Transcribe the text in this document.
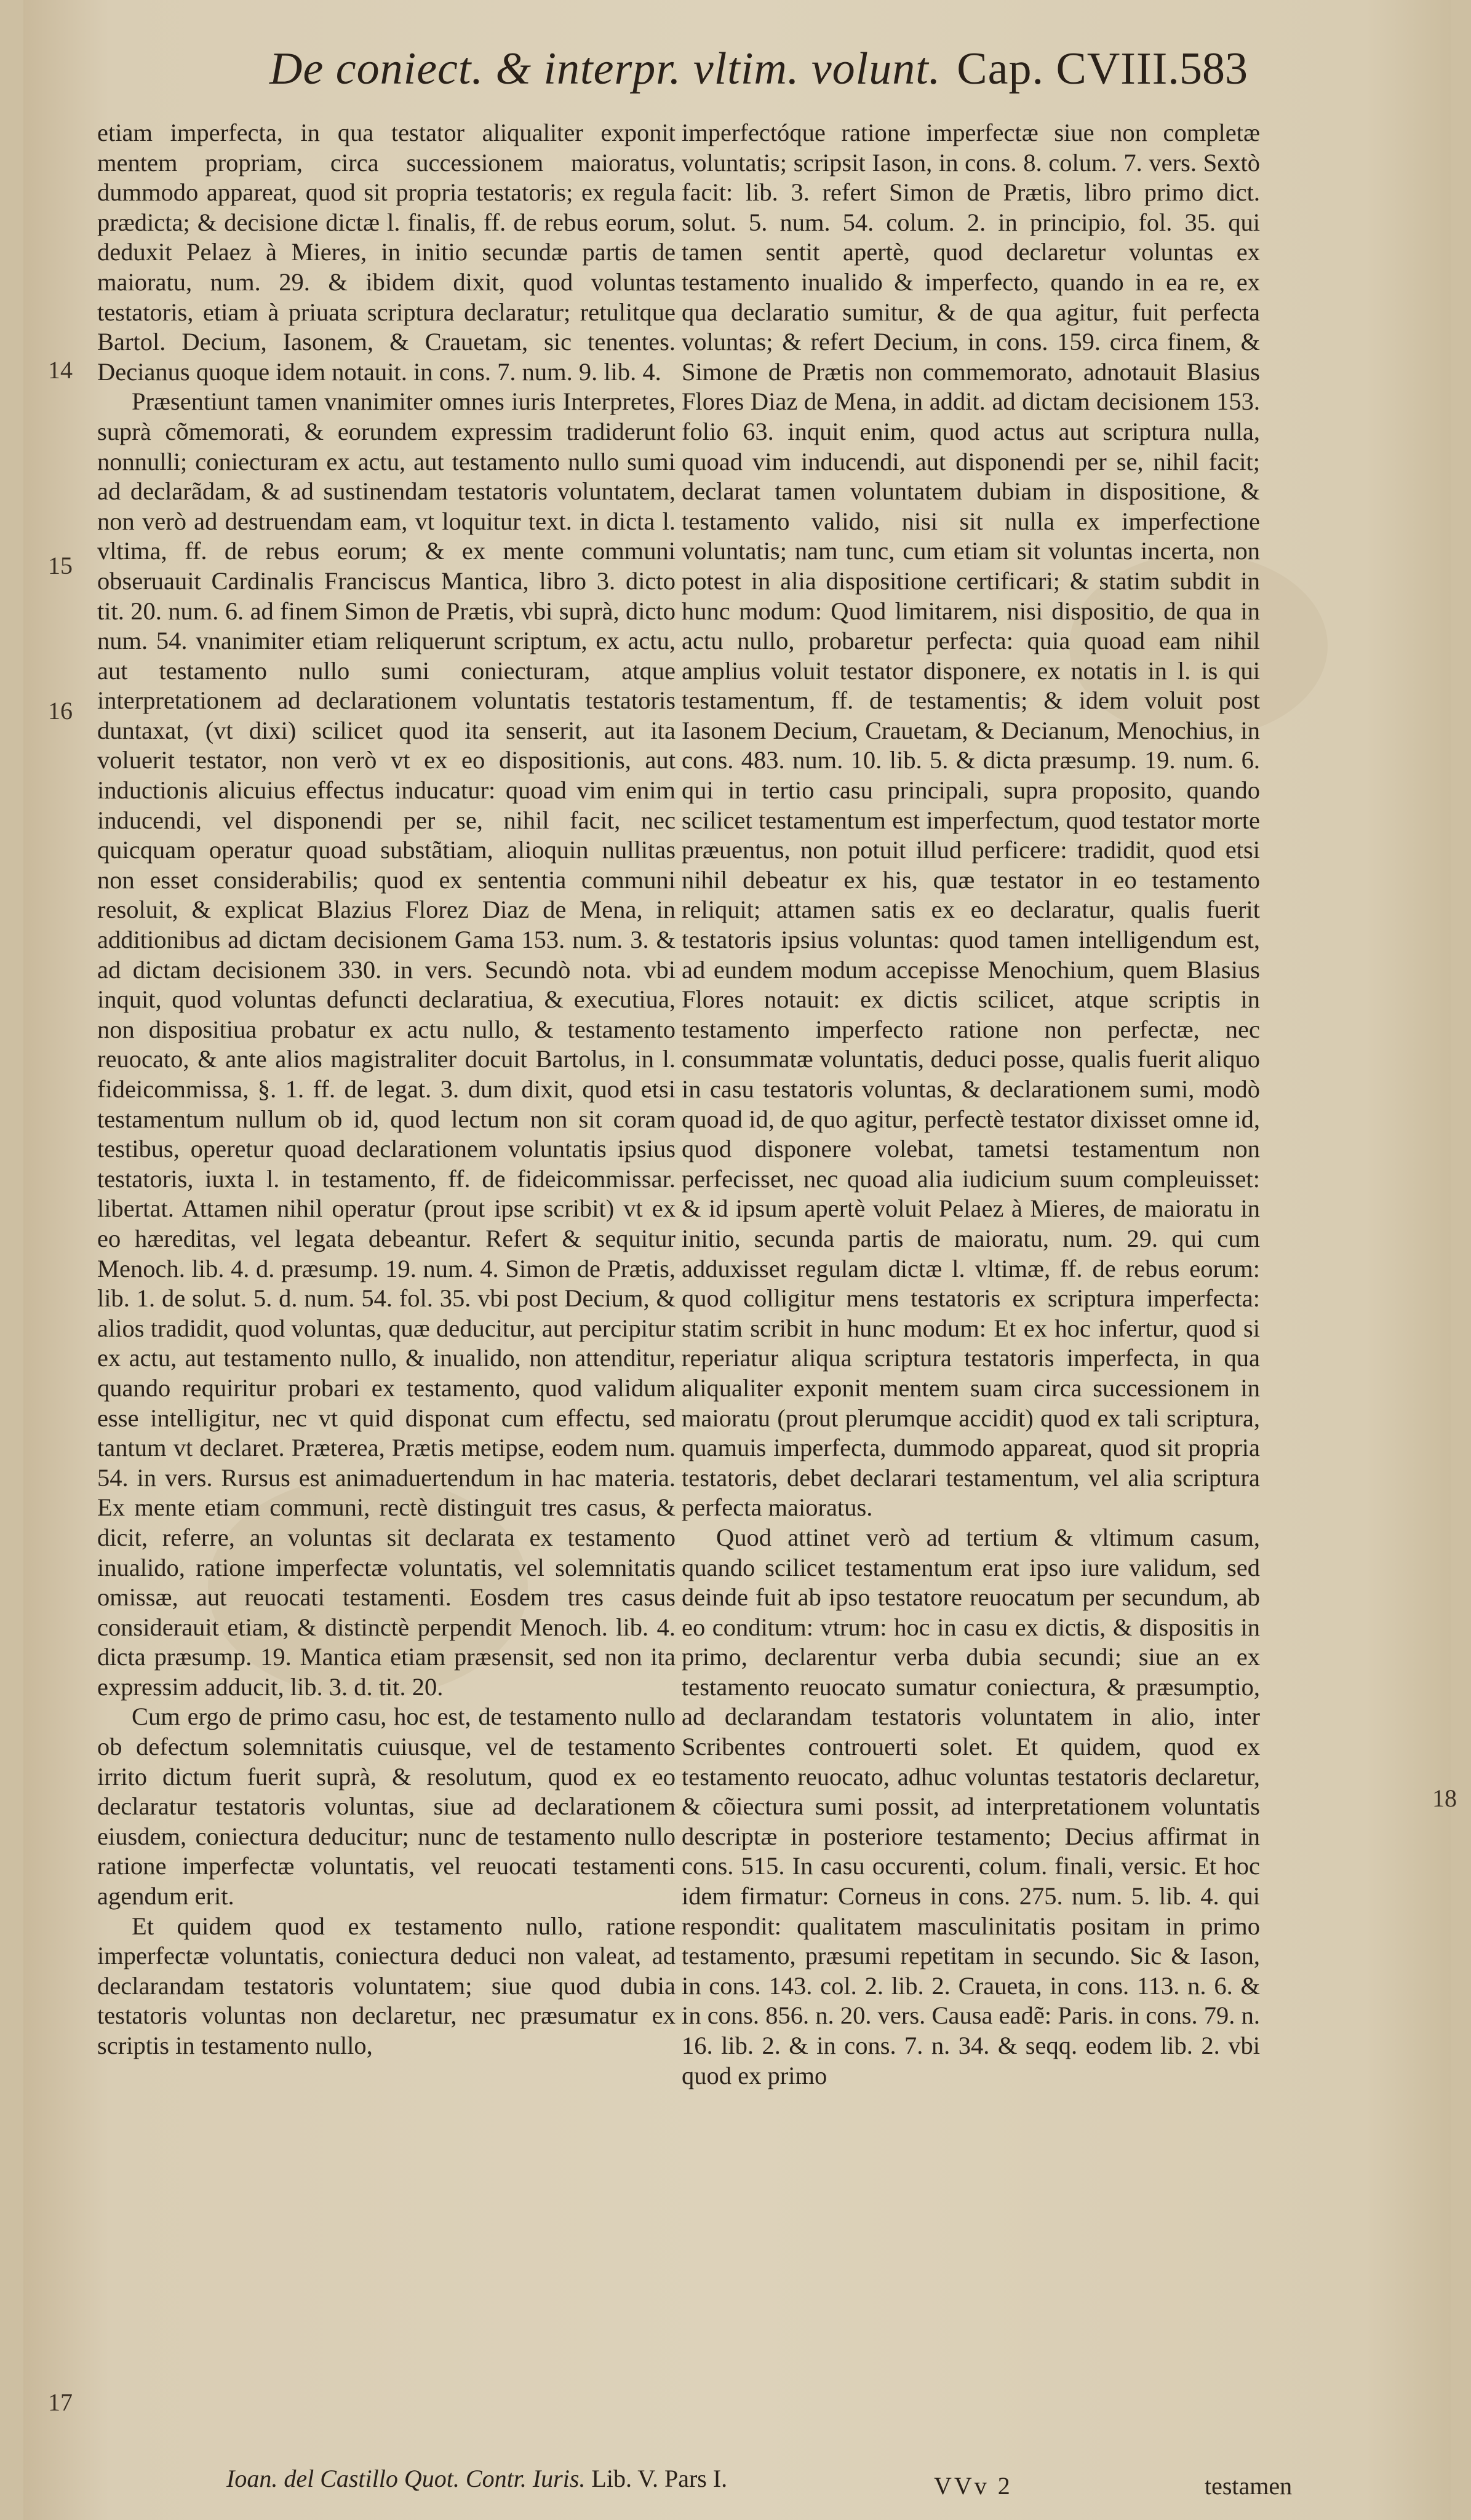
De coniect. & interpr. vltim. volunt. Cap. CVIII. 583

etiam imperfecta, in qua testator aliqualiter exponit mentem propriam, circa successionem maioratus, dummodo appareat, quod sit propria testatoris; ex regula prædicta; & decisione dictæ l. finalis, ff. de rebus eorum, deduxit Pelaez à Mieres, in initio secundæ partis de maioratu, num. 29. & ibidem dixit, quod voluntas testatoris, etiam à priuata scriptura declaratur; retulitque Bartol. Decium, Iasonem, & Crauetam, sic tenentes. Decianus quoque idem notauit. in cons. 7. num. 9. lib. 4.

Præsentiunt tamen vnanimiter omnes iuris Interpretes, suprà cõmemorati, & eorundem expressim tradiderunt nonnulli; coniecturam ex actu, aut testamento nullo sumi ad declarãdam, & ad sustinendam testatoris voluntatem, non verò ad destruendam eam, vt loquitur text. in dicta l. vltima, ff. de rebus eorum; & ex mente communi obseruauit Cardinalis Franciscus Mantica, libro 3. dicto tit. 20. num. 6. ad finem Simon de Prætis, vbi suprà, dicto num. 54. vnanimiter etiam reliquerunt scriptum, ex actu, aut testamento nullo sumi coniecturam, atque interpretationem ad declarationem voluntatis testatoris duntaxat, (vt dixi) scilicet quod ita senserit, aut ita voluerit testator, non verò vt ex eo dispositionis, aut inductionis alicuius effectus inducatur: quoad vim enim inducendi, vel disponendi per se, nihil facit, nec quicquam operatur quoad substãtiam, alioquin nullitas non esset considerabilis; quod ex sententia communi resoluit, & explicat Blazius Florez Diaz de Mena, in additionibus ad dictam decisionem Gama 153. num. 3. & ad dictam decisionem 330. in vers. Secundò nota. vbi inquit, quod voluntas defuncti declaratiua, & executiua, non dispositiua probatur ex actu nullo, & testamento reuocato, & ante alios magistraliter docuit Bartolus, in l. fideicommissa, §. 1. ff. de legat. 3. dum dixit, quod etsi testamentum nullum ob id, quod lectum non sit coram testibus, operetur quoad declarationem voluntatis ipsius testatoris, iuxta l. in testamento, ff. de fideicommissar. libertat. Attamen nihil operatur (prout ipse scribit) vt ex eo hæreditas, vel legata debeantur. Refert & sequitur Menoch. lib. 4. d. præsump. 19. num. 4. Simon de Prætis, lib. 1. de solut. 5. d. num. 54. fol. 35. vbi post Decium, & alios tradidit, quod voluntas, quæ deducitur, aut percipitur ex actu, aut testamento nullo, & inualido, non attenditur, quando requiritur probari ex testamento, quod validum esse intelligitur, nec vt quid disponat cum effectu, sed tantum vt declaret. Præterea, Prætis metipse, eodem num. 54. in vers. Rursus est animaduertendum in hac materia. Ex mente etiam communi, rectè distinguit tres casus, & dicit, referre, an voluntas sit declarata ex testamento inualido, ratione imperfectæ voluntatis, vel solemnitatis omissæ, aut reuocati testamenti. Eosdem tres casus considerauit etiam, & distinctè perpendit Menoch. lib. 4. dicta præsump. 19. Mantica etiam præsensit, sed non ita expressim adducit, lib. 3. d. tit. 20.

Cum ergo de primo casu, hoc est, de testamento nullo ob defectum solemnitatis cuiusque, vel de testamento irrito dictum fuerit suprà, & resolutum, quod ex eo declaratur testatoris voluntas, siue ad declarationem eiusdem, coniectura deducitur; nunc de testamento nullo ratione imperfectæ voluntatis, vel reuocati testamenti agendum erit.

Et quidem quod ex testamento nullo, ratione imperfectæ voluntatis, coniectura deduci non valeat, ad declarandam testatoris voluntatem; siue quod dubia testatoris voluntas non declaretur, nec præsumatur ex scriptis in testamento nullo,

imperfectóque ratione imperfectæ siue non completæ voluntatis; scripsit Iason, in cons. 8. colum. 7. vers. Sextò facit: lib. 3. refert Simon de Prætis, libro primo dict. solut. 5. num. 54. colum. 2. in principio, fol. 35. qui tamen sentit apertè, quod declaretur voluntas ex testamento inualido & imperfecto, quando in ea re, ex qua declaratio sumitur, & de qua agitur, fuit perfecta voluntas; & refert Decium, in cons. 159. circa finem, & Simone de Prætis non commemorato, adnotauit Blasius Flores Diaz de Mena, in addit. ad dictam decisionem 153. folio 63. inquit enim, quod actus aut scriptura nulla, quoad vim inducendi, aut disponendi per se, nihil facit; declarat tamen voluntatem dubiam in dispositione, & testamento valido, nisi sit nulla ex imperfectione voluntatis; nam tunc, cum etiam sit voluntas incerta, non potest in alia dispositione certificari; & statim subdit in hunc modum: Quod limitarem, nisi dispositio, de qua in actu nullo, probaretur perfecta: quia quoad eam nihil amplius voluit testator disponere, ex notatis in l. is qui testamentum, ff. de testamentis; & idem voluit post Iasonem Decium, Crauetam, & Decianum, Menochius, in cons. 483. num. 10. lib. 5. & dicta præsump. 19. num. 6. qui in tertio casu principali, supra proposito, quando scilicet testamentum est imperfectum, quod testator morte præuentus, non potuit illud perficere: tradidit, quod etsi nihil debeatur ex his, quæ testator in eo testamento reliquit; attamen satis ex eo declaratur, qualis fuerit testatoris ipsius voluntas: quod tamen intelligendum est, ad eundem modum accepisse Menochium, quem Blasius Flores notauit: ex dictis scilicet, atque scriptis in testamento imperfecto ratione non perfectæ, nec consummatæ voluntatis, deduci posse, qualis fuerit aliquo in casu testatoris voluntas, & declarationem sumi, modò quoad id, de quo agitur, perfectè testator dixisset omne id, quod disponere volebat, tametsi testamentum non perfecisset, nec quoad alia iudicium suum compleuisset: & id ipsum apertè voluit Pelaez à Mieres, de maioratu in initio, secunda partis de maioratu, num. 29. qui cum adduxisset regulam dictæ l. vltimæ, ff. de rebus eorum: quod colligitur mens testatoris ex scriptura imperfecta: statim scribit in hunc modum: Et ex hoc infertur, quod si reperiatur aliqua scriptura testatoris imperfecta, in qua aliqualiter exponit mentem suam circa successionem in maioratu (prout plerumque accidit) quod ex tali scriptura, quamuis imperfecta, dummodo appareat, quod sit propria testatoris, debet declarari testamentum, vel alia scriptura perfecta maioratus.

Quod attinet verò ad tertium & vltimum casum, quando scilicet testamentum erat ipso iure validum, sed deinde fuit ab ipso testatore reuocatum per secundum, ab eo conditum: vtrum: hoc in casu ex dictis, & dispositis in primo, declarentur verba dubia secundi; siue an ex testamento reuocato sumatur coniectura, & præsumptio, ad declarandam testatoris voluntatem in alio, inter Scribentes controuerti solet. Et quidem, quod ex testamento reuocato, adhuc voluntas testatoris declaretur, & cõiectura sumi possit, ad interpretationem voluntatis descriptæ in posteriore testamento; Decius affirmat in cons. 515. In casu occurenti, colum. finali, versic. Et hoc idem firmatur: Corneus in cons. 275. num. 5. lib. 4. qui respondit: qualitatem masculinitatis positam in primo testamento, præsumi repetitam in secundo. Sic & Iason, in cons. 143. col. 2. lib. 2. Craueta, in cons. 113. n. 6. & in cons. 856. n. 20. vers. Causa eadẽ: Paris. in cons. 79. n. 16. lib. 2. & in cons. 7. n. 34. & seqq. eodem lib. 2. vbi quod ex primo

14
15
16
17
18
Ioan. del Castillo Quot. Contr. Iuris. Lib. V. Pars I.	VVv 2	testamen
